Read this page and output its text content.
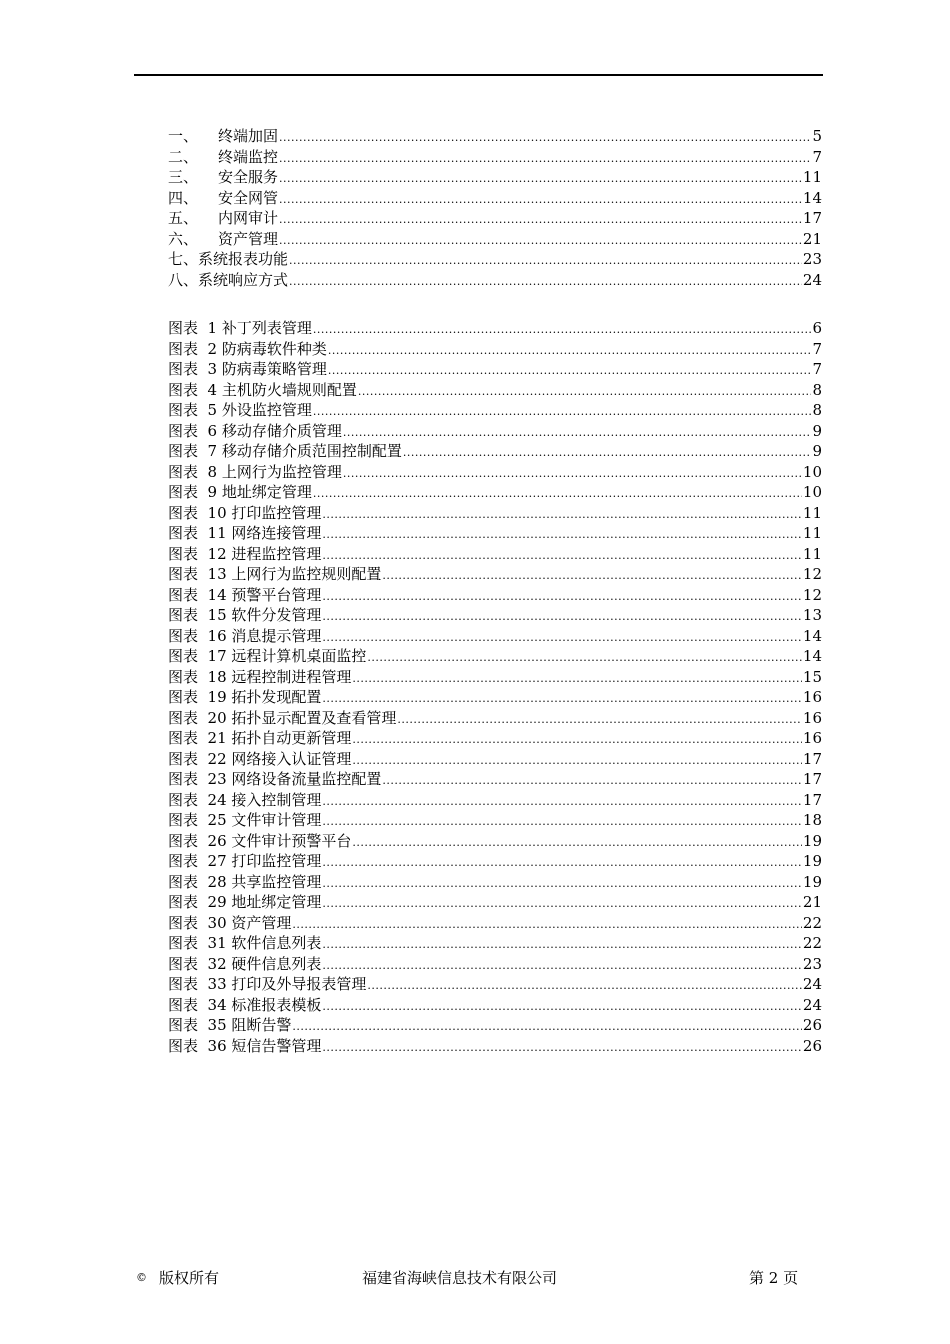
一、	终端加固 .....	5
二、	终端监控 .....	7
三、	安全服务 .....	11
四、	安全网管 .....	14
五、	内网审计 .....	17
六、	资产管理 .....	21
七、系统报表功能 .....	23
八、系统响应方式 .....	24
图表  1 补丁列表管理 .....	6
图表  2 防病毒软件种类 .....	7
图表  3 防病毒策略管理 .....	7
图表  4 主机防火墙规则配置 .....	8
图表  5 外设监控管理 .....	8
图表  6 移动存储介质管理 .....	9
图表  7 移动存储介质范围控制配置 .....	9
图表  8 上网行为监控管理 .....	10
图表  9 地址绑定管理 .....	10
图表  10 打印监控管理 .....	11
图表  11 网络连接管理 .....	11
图表  12 进程监控管理 .....	11
图表  13 上网行为监控规则配置 .....	12
图表  14 预警平台管理 .....	12
图表  15 软件分发管理 .....	13
图表  16 消息提示管理 .....	14
图表  17 远程计算机桌面监控 .....	14
图表  18 远程控制进程管理 .....	15
图表  19 拓扑发现配置 .....	16
图表  20 拓扑显示配置及查看管理 .....	16
图表  21 拓扑自动更新管理 .....	16
图表  22 网络接入认证管理 .....	17
图表  23 网络设备流量监控配置 .....	17
图表  24 接入控制管理 .....	17
图表  25 文件审计管理 .....	18
图表  26 文件审计预警平台 .....	19
图表  27 打印监控管理 .....	19
图表  28 共享监控管理 .....	19
图表  29 地址绑定管理 .....	21
图表  30 资产管理 .....	22
图表  31 软件信息列表 .....	22
图表  32 硬件信息列表 .....	23
图表  33 打印及外导报表管理 .....	24
图表  34 标准报表模板 .....	24
图表  35 阻断告警 .....	26
图表  36 短信告警管理 .....	26
© 版权所有	福建省海峡信息技术有限公司	第 2 页
